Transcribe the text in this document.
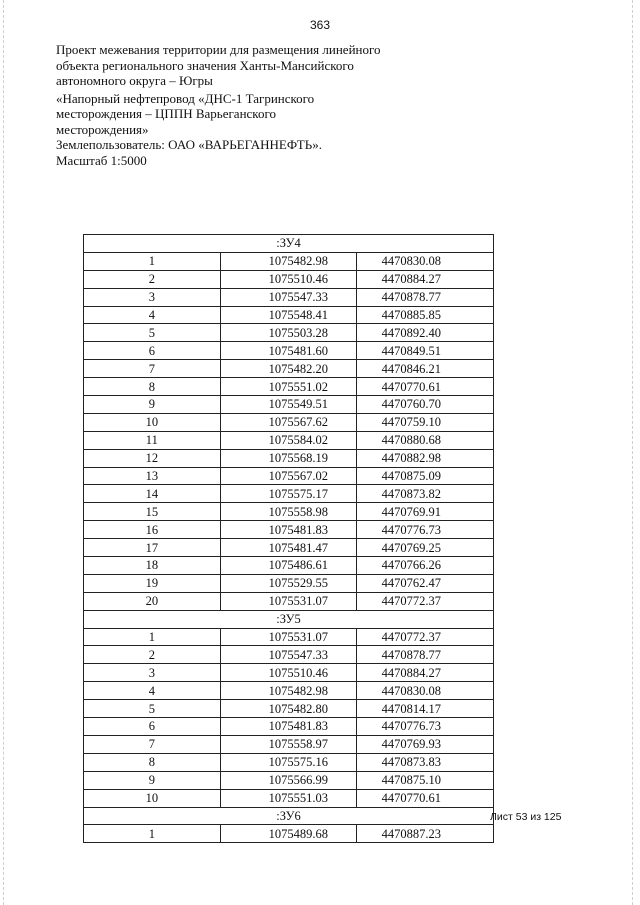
363

Проект межевания территории для размещения линейного

объекта регионального значения Ханты-Мансийского

автономного округа – Югры

«Напорный нефтепровод «ДНС-1 Тагринского

месторождения – ЦППН Варьеганского

месторождения»

Землепользователь: ОАО «ВАРЬЕГАННЕФТЬ».

Масштаб 1:5000

:ЗУ4		
1	1075482.98	4470830.08
2	1075510.46	4470884.27
3	1075547.33	4470878.77
4	1075548.41	4470885.85
5	1075503.28	4470892.40
6	1075481.60	4470849.51
7	1075482.20	4470846.21
8	1075551.02	4470770.61
9	1075549.51	4470760.70
10	1075567.62	4470759.10
11	1075584.02	4470880.68
12	1075568.19	4470882.98
13	1075567.02	4470875.09
14	1075575.17	4470873.82
15	1075558.98	4470769.91
16	1075481.83	4470776.73
17	1075481.47	4470769.25
18	1075486.61	4470766.26
19	1075529.55	4470762.47
20	1075531.07	4470772.37
:ЗУ5		
1	1075531.07	4470772.37
2	1075547.33	4470878.77
3	1075510.46	4470884.27
4	1075482.98	4470830.08
5	1075482.80	4470814.17
6	1075481.83	4470776.73
7	1075558.97	4470769.93
8	1075575.16	4470873.83
9	1075566.99	4470875.10
10	1075551.03	4470770.61
:ЗУ6		
1	1075489.68	4470887.23
Лист 53 из 125
